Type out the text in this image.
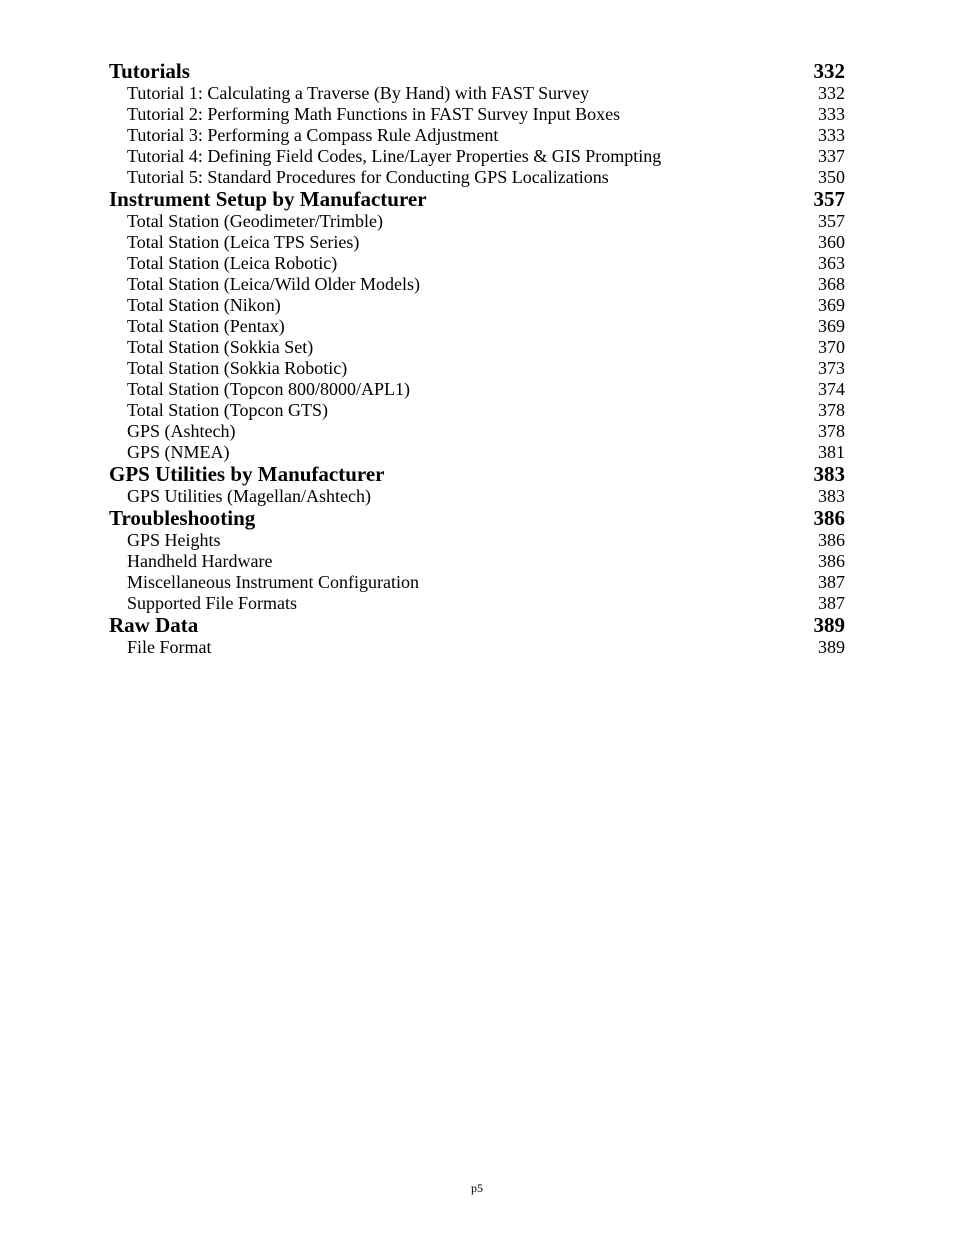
Tutorials	332
Tutorial 1: Calculating a Traverse (By Hand) with FAST Survey	332
Tutorial 2: Performing Math Functions in FAST Survey Input Boxes	333
Tutorial 3: Performing a Compass Rule Adjustment	333
Tutorial 4: Defining Field Codes, Line/Layer Properties & GIS Prompting	337
Tutorial 5: Standard Procedures for Conducting GPS Localizations	350
Instrument Setup by Manufacturer	357
Total Station (Geodimeter/Trimble)	357
Total Station (Leica TPS Series)	360
Total Station (Leica Robotic)	363
Total Station (Leica/Wild Older Models)	368
Total Station (Nikon)	369
Total Station (Pentax)	369
Total Station (Sokkia Set)	370
Total Station (Sokkia Robotic)	373
Total Station (Topcon 800/8000/APL1)	374
Total Station (Topcon GTS)	378
GPS (Ashtech)	378
GPS (NMEA)	381
GPS Utilities by Manufacturer	383
GPS Utilities (Magellan/Ashtech)	383
Troubleshooting	386
GPS Heights	386
Handheld Hardware	386
Miscellaneous Instrument Configuration	387
Supported File Formats	387
Raw Data	389
File Format	389
p5
